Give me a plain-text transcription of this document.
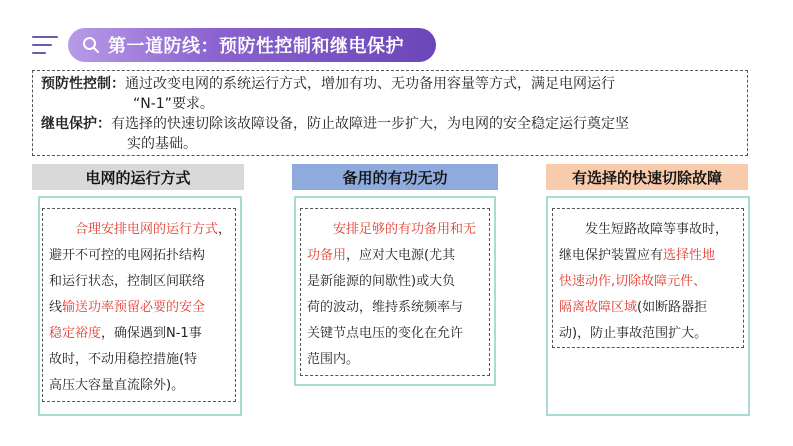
第一道防线：预防性控制和继电保护
预防性控制 ： 通过改变电网的系统运行方式，增加有功、无功备用容量等方式，满足电网运行
“N-1”要求。
继电保护 ： 有选择的快速切除该故障设备，防止故障进一步扩大，为电网的安全稳定运行奠定坚
实的基础。
电网的运行方式	备用的有功无功	有选择的快速切除故障
合理安排电网的运行方式，
避开不可控的电网拓扑结构
和运行状态，控制区间联络
线输送功率预留必要的安全
稳定裕度，确保遇到N-1事
故时，不动用稳控措施(特
高压大容量直流除外)。
安排足够的有功备用和无
功备用，应对大电源(尤其
是新能源的间歇性)或大负
荷的波动，维持系统频率与
关键节点电压的变化在允许
范围内。
发生短路故障等事故时，
继电保护装置应有选择性地
快速动作,切除故障元件、
隔离故障区域(如断路器拒
动)，防止事故范围扩大。
